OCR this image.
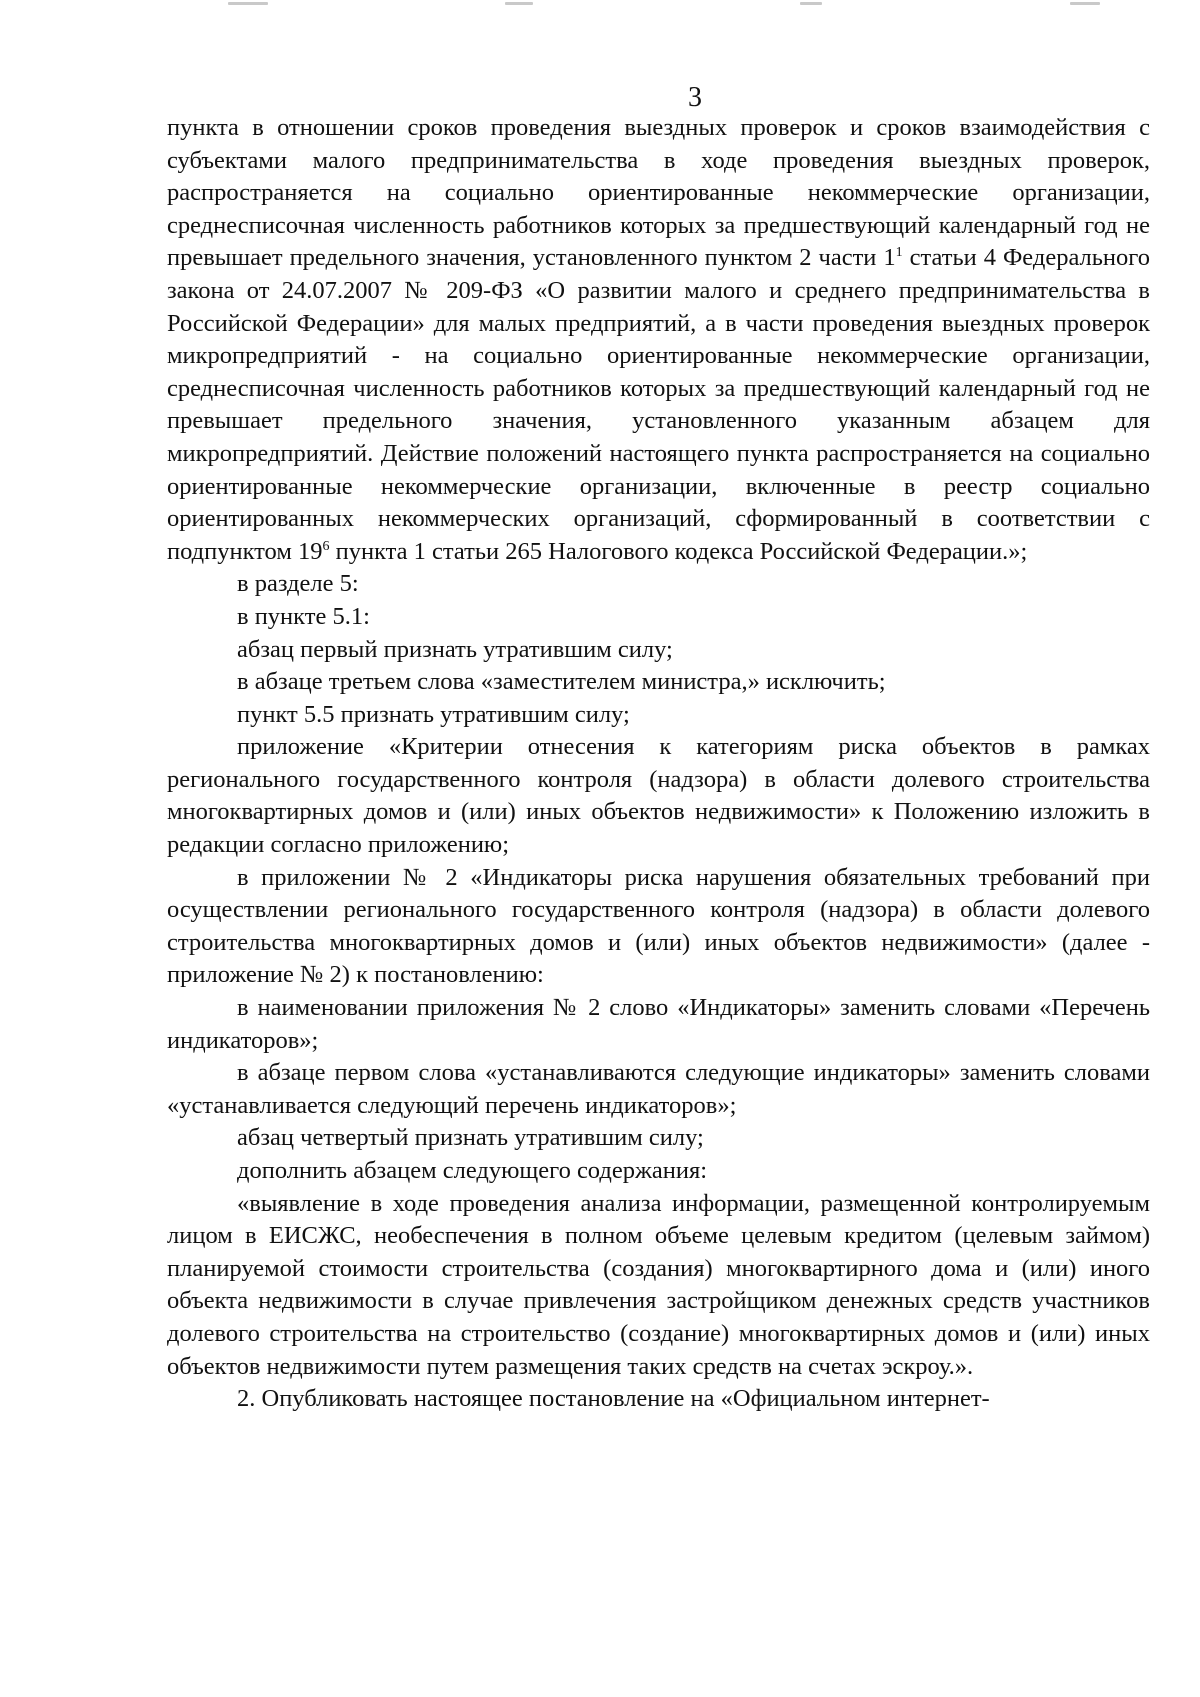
3

пункта в отношении сроков проведения выездных проверок и сроков взаимодействия с субъектами малого предпринимательства в ходе проведения выездных проверок, распространяется на социально ориентированные некоммерческие организации, среднесписочная численность работников которых за предшествующий календарный год не превышает предельного значения, установленного пунктом 2 части $1^1$ статьи 4 Федерального закона от 24.07.2007 № 209-ФЗ «О развитии малого и среднего предпринимательства в Российской Федерации» для малых предприятий, а в части проведения выездных проверок микропредприятий - на социально ориентированные некоммерческие организации, среднесписочная численность работников которых за предшествующий календарный год не превышает предельного значения, установленного указанным абзацем для микропредприятий. Действие положений настоящего пункта распространяется на социально ориентированные некоммерческие организации, включенные в реестр социально ориентированных некоммерческих организаций, сформированный в соответствии с подпунктом $19^6$ пункта 1 статьи 265 Налогового кодекса Российской Федерации.»;

в разделе 5:

в пункте 5.1:

абзац первый признать утратившим силу;

в абзаце третьем слова «заместителем министра,» исключить;

пункт 5.5 признать утратившим силу;

приложение «Критерии отнесения к категориям риска объектов в рамках регионального государственного контроля (надзора) в области долевого строительства многоквартирных домов и (или) иных объектов недвижимости» к Положению изложить в редакции согласно приложению;

в приложении № 2 «Индикаторы риска нарушения обязательных требований при осуществлении регионального государственного контроля (надзора) в области долевого строительства многоквартирных домов и (или) иных объектов недвижимости» (далее - приложение № 2) к постановлению:

в наименовании приложения № 2 слово «Индикаторы» заменить словами «Перечень индикаторов»;

в абзаце первом слова «устанавливаются следующие индикаторы» заменить словами «устанавливается следующий перечень индикаторов»;

абзац четвертый признать утратившим силу;

дополнить абзацем следующего содержания:

«выявление в ходе проведения анализа информации, размещенной контролируемым лицом в ЕИСЖС, необеспечения в полном объеме целевым кредитом (целевым займом) планируемой стоимости строительства (создания) многоквартирного дома и (или) иного объекта недвижимости в случае привлечения застройщиком денежных средств участников долевого строительства на строительство (создание) многоквартирных домов и (или) иных объектов недвижимости путем размещения таких средств на счетах эскроу.».

2. Опубликовать настоящее постановление на «Официальном интернет-
